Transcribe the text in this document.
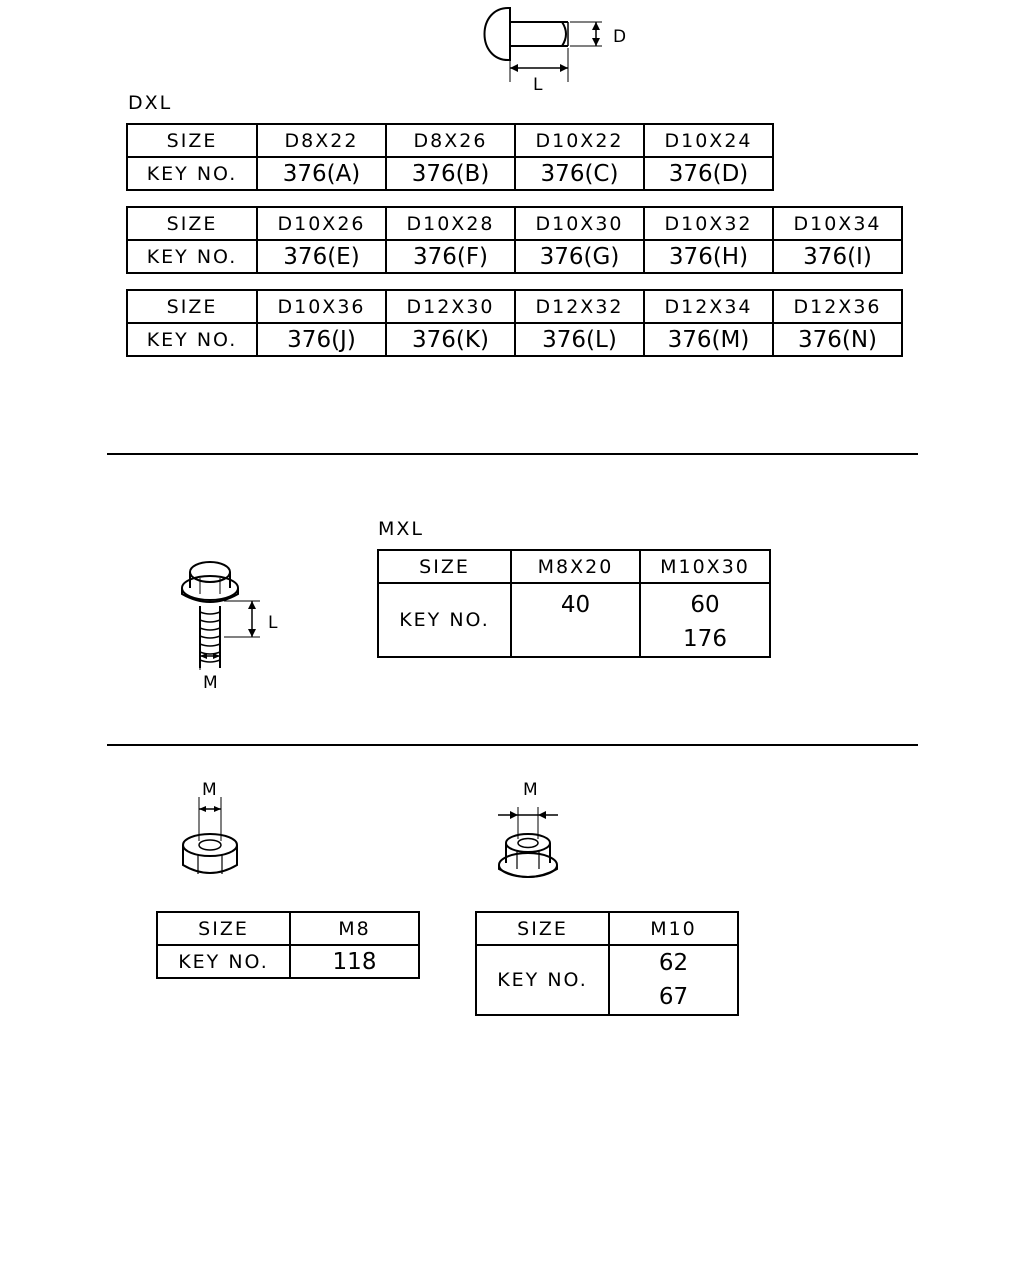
D
L
DXL
SIZE	D8X22	D8X26	D10X22	D10X24
KEY NO.	376(A)	376(B)	376(C)	376(D)
SIZE	D10X26	D10X28	D10X30	D10X32	D10X34
KEY NO.	376(E)	376(F)	376(G)	376(H)	376(I)
SIZE	D10X36	D12X30	D12X32	D12X34	D12X36
KEY NO.	376(J)	376(K)	376(L)	376(M)	376(N)
L
M
MXL
SIZE	M8X20	M10X30
KEY NO.	40	60
176
M
SIZE	M8
KEY NO.	118
M
SIZE	M10
KEY NO.	62
67
